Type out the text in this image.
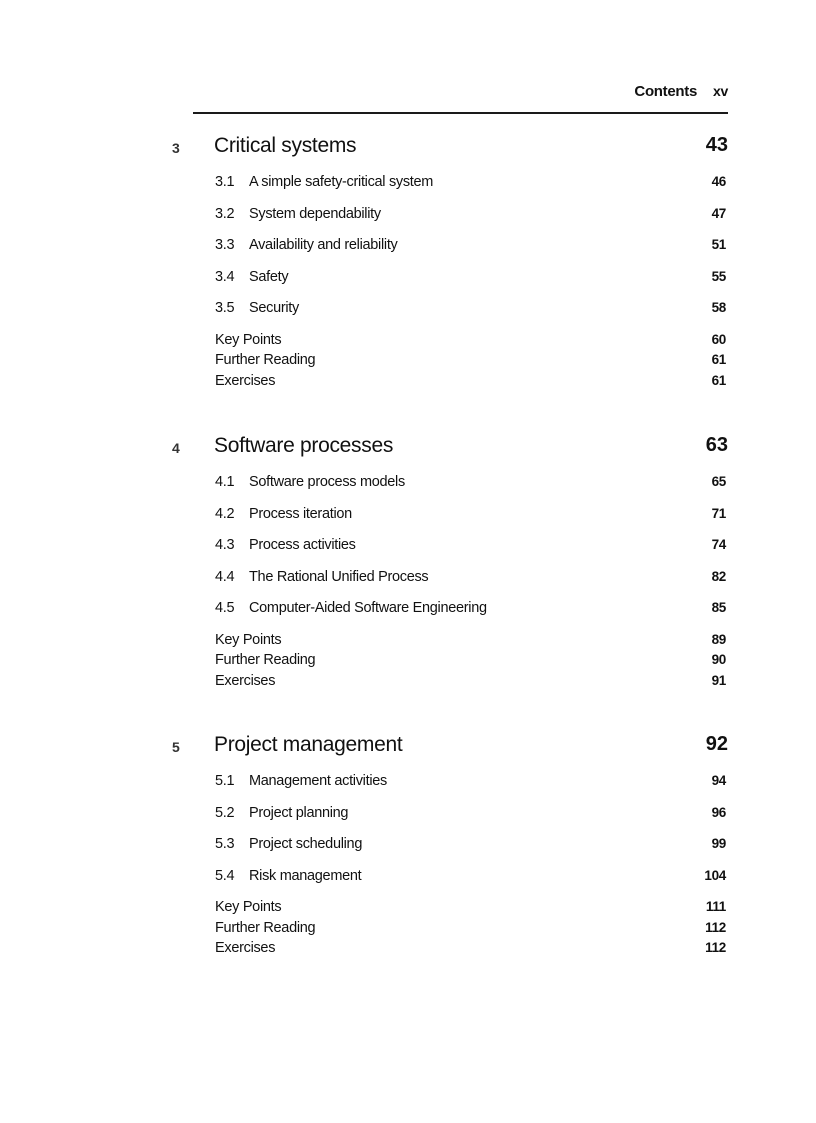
Contents xv
3 Critical systems	43
3.1 A simple safety-critical system	46
3.2 System dependability	47
3.3 Availability and reliability	51
3.4 Safety	55
3.5 Security	58
Key Points	60
Further Reading	61
Exercises	61
4 Software processes	63
4.1 Software process models	65
4.2 Process iteration	71
4.3 Process activities	74
4.4 The Rational Unified Process	82
4.5 Computer-Aided Software Engineering	85
Key Points	89
Further Reading	90
Exercises	91
5 Project management	92
5.1 Management activities	94
5.2 Project planning	96
5.3 Project scheduling	99
5.4 Risk management	104
Key Points	111
Further Reading	112
Exercises	112
